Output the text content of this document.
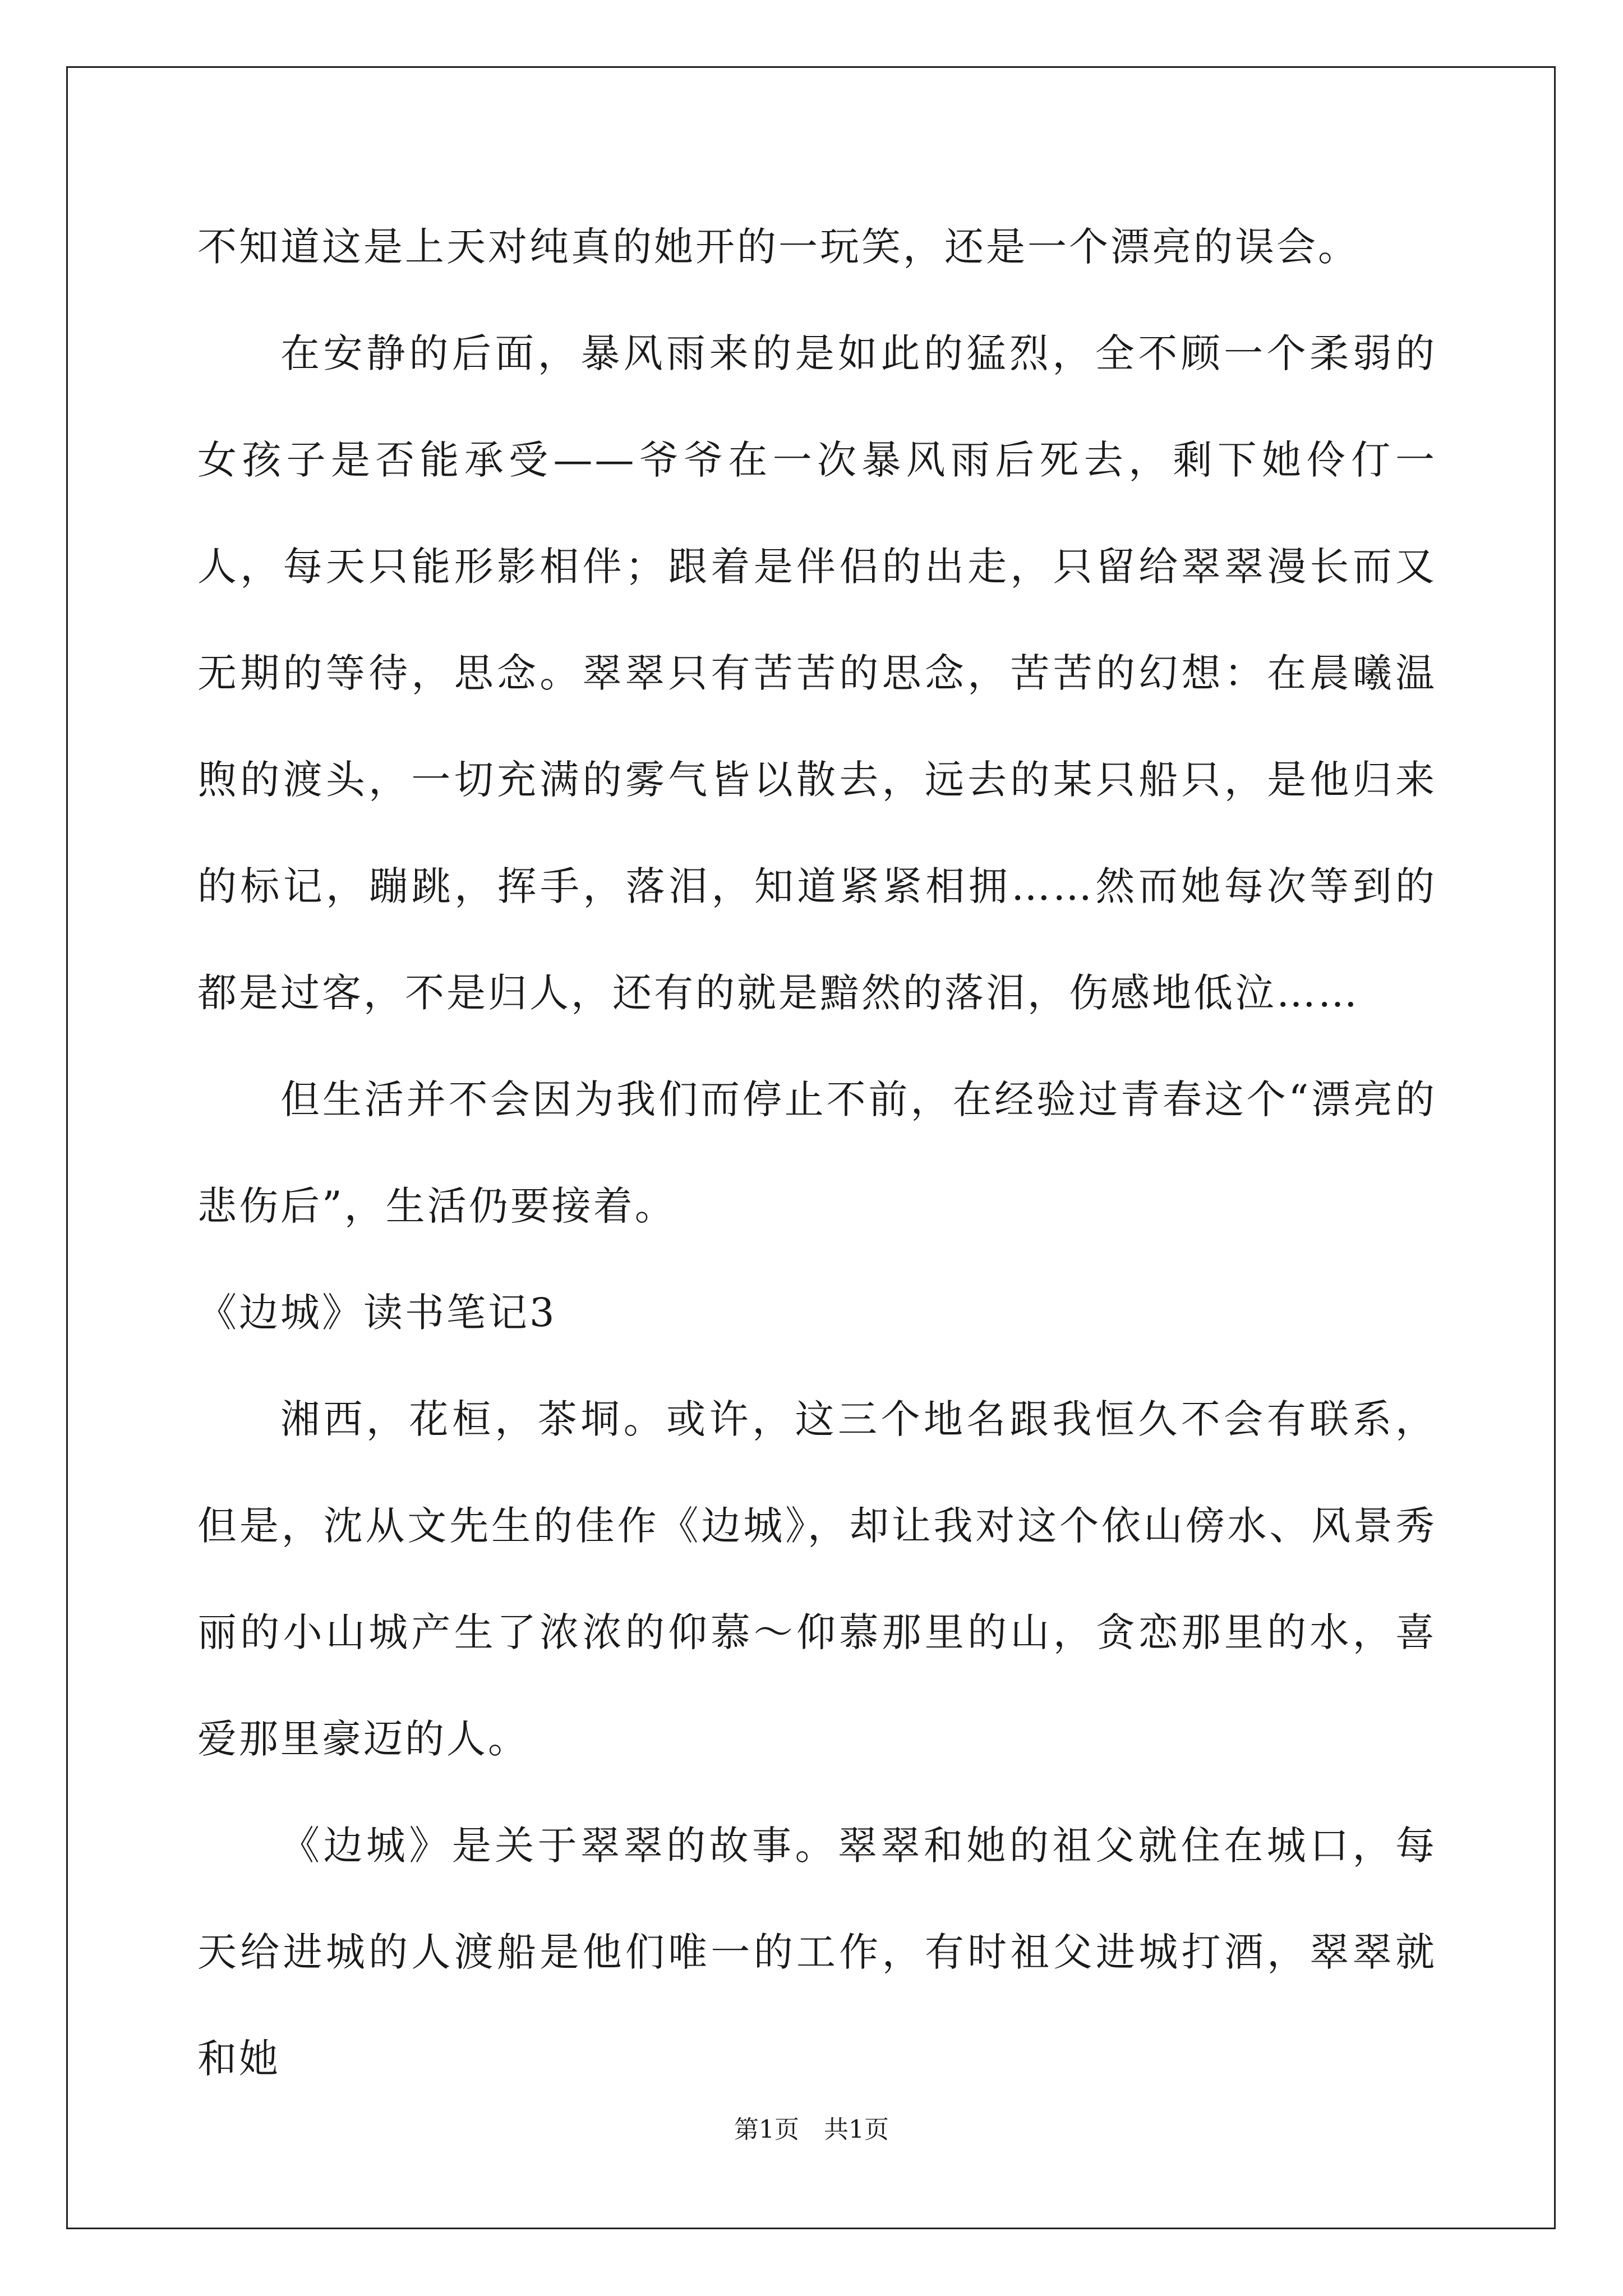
不知道这是上天对纯真的她开的一玩笑，还是一个漂亮的误会。

在安静的后面，暴风雨来的是如此的猛烈，全不顾一个柔弱的女孩子是否能承受——爷爷在一次暴风雨后死去，剩下她伶仃一人，每天只能形影相伴；跟着是伴侣的出走，只留给翠翠漫长而又无期的等待，思念。翠翠只有苦苦的思念，苦苦的幻想：在晨曦温煦的渡头，一切充满的雾气皆以散去，远去的某只船只，是他归来的标记，蹦跳，挥手，落泪，知道紧紧相拥……然而她每次等到的都是过客，不是归人，还有的就是黯然的落泪，伤感地低泣……

但生活并不会因为我们而停止不前，在经验过青春这个“漂亮的悲伤后”，生活仍要接着。

《边城》读书笔记3

湘西，花桓，茶垌。或许，这三个地名跟我恒久不会有联系，但是，沈从文先生的佳作《边城》，却让我对这个依山傍水、风景秀丽的小山城产生了浓浓的仰慕～仰慕那里的山，贪恋那里的水，喜爱那里豪迈的人。

《边城》是关于翠翠的故事。翠翠和她的祖父就住在城口，每天给进城的人渡船是他们唯一的工作，有时祖父进城打酒，翠翠就和她

第1页　共1页
